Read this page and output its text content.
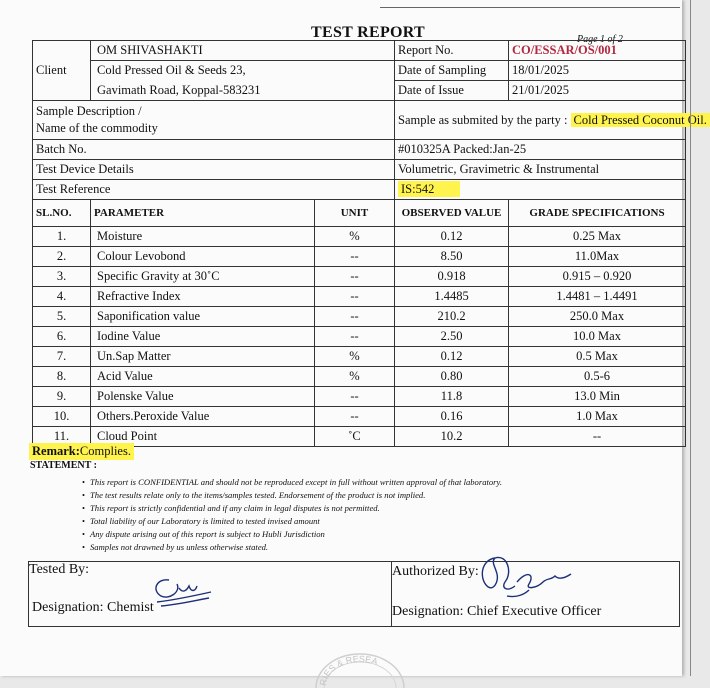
TEST REPORT	Page 1 of 2
Client	OM SHIVASHAKTI		Report No.	CO/ESSAR/OS/001
	Cold Pressed Oil & Seeds 23,		Date of Sampling	18/01/2025
	Gavimath Road, Koppal-583231		Date of Issue	21/01/2025

Sample Description /
Name of the commodity			Sample as submited by the party : Cold Pressed Coconut Oil.	
Batch No.			#010325A Packed:Jan-25	
Test Device Details			Volumetric, Gravimetric & Instrumental	
Test Reference			IS:542	
SL.NO.	PARAMETER	UNIT	OBSERVED VALUE	GRADE SPECIFICATIONS
1.	Moisture	%	0.12	0.25 Max
2.	Colour Levobond	--	8.50	11.0Max
3.	Specific Gravity at 30˚C	--	0.918	0.915 – 0.920
4.	Refractive Index	--	1.4485	1.4481 – 1.4491
5.	Saponification value	--	210.2	250.0 Max
6.	Iodine Value	--	2.50	10.0 Max
7.	Un.Sap Matter	%	0.12	0.5 Max
8.	Acid Value	%	0.80	0.5-6
9.	Polenske Value	--	11.8	13.0 Min
10.	Others.Peroxide Value	--	0.16	1.0 Max
11.	Cloud Point	˚C	10.2	--
Remark:Complies.
STATEMENT :
• This report is CONFIDENTIAL and should not be reproduced except in full without written approval of that laboratory.
• The test results relate only to the items/samples tested. Endorsement of the product is not implied.
• This report is strictly confidential and if any claim in legal disputes is not permitted.
• Total liability of our Laboratory is limited to tested invised amount
• Any dispute arising out of this report is subject to Hubli Jurisdiction
• Samples not drawned by us unless otherwise stated.
Tested By:
Designation: Chemist
Authorized By:
Designation: Chief Executive Officer
RIES & RESEA
